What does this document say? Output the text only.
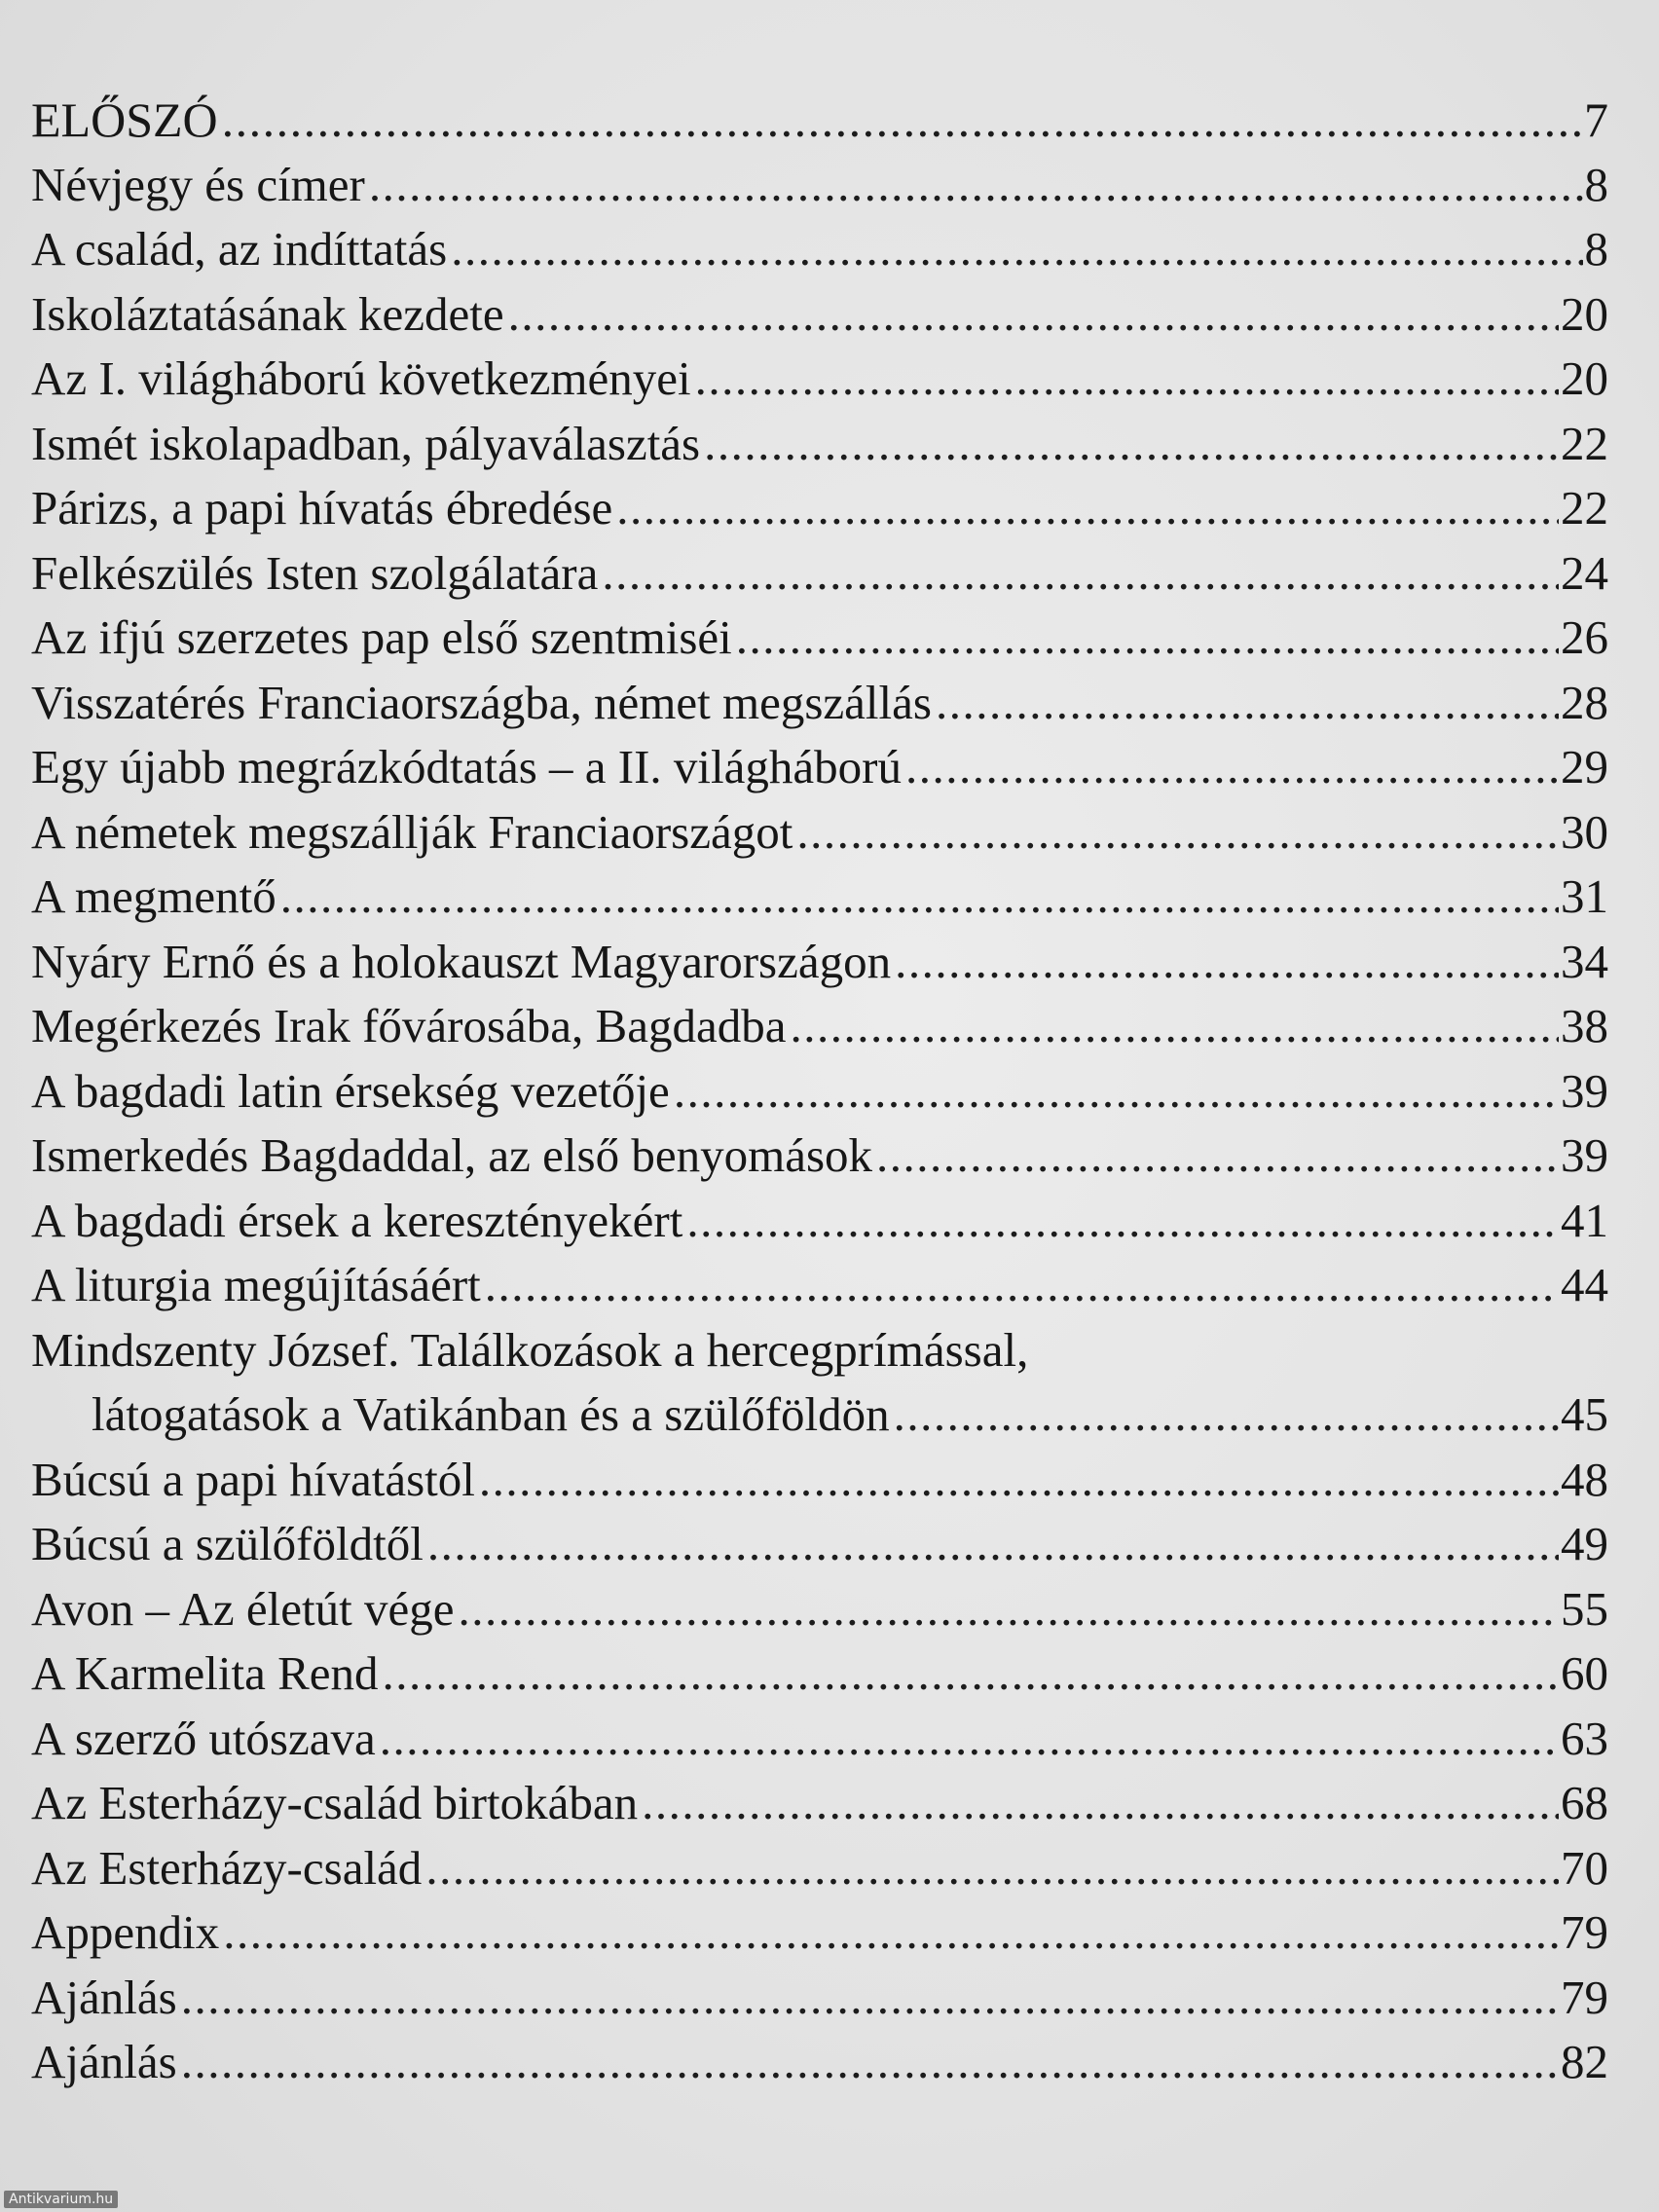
ELŐSZÓ .....	7
Névjegy és címer .....	8
A család, az indíttatás .....	8
Iskoláztatásának kezdete .....	20
Az I. világháború következményei .....	20
Ismét iskolapadban, pályaválasztás .....	22
Párizs, a papi hívatás ébredése .....	22
Felkészülés Isten szolgálatára .....	24
Az ifjú szerzetes pap első szentmiséi .....	26
Visszatérés Franciaországba, német megszállás .....	28
Egy újabb megrázkódtatás – a II. világháború .....	29
A németek megszállják Franciaországot .....	30
A megmentő .....	31
Nyáry Ernő és a holokauszt Magyarországon .....	34
Megérkezés Irak fővárosába, Bagdadba .....	38
A bagdadi latin érsekség vezetője .....	39
Ismerkedés Bagdaddal, az első benyomások .....	39
A bagdadi érsek a keresztényekért .....	41
A liturgia megújításáért .....	44
Mindszenty József. Találkozások a hercegprímással,
látogatások a Vatikánban és a szülőföldön .....	45
Búcsú a papi hívatástól .....	48
Búcsú a szülőföldtől .....	49
Avon – Az életút vége .....	55
A Karmelita Rend .....	60
A szerző utószava .....	63
Az Esterházy-család birtokában .....	68
Az Esterházy-család .....	70
Appendix .....	79
Ajánlás .....	79
Ajánlás .....	82
Antikvarium.hu
